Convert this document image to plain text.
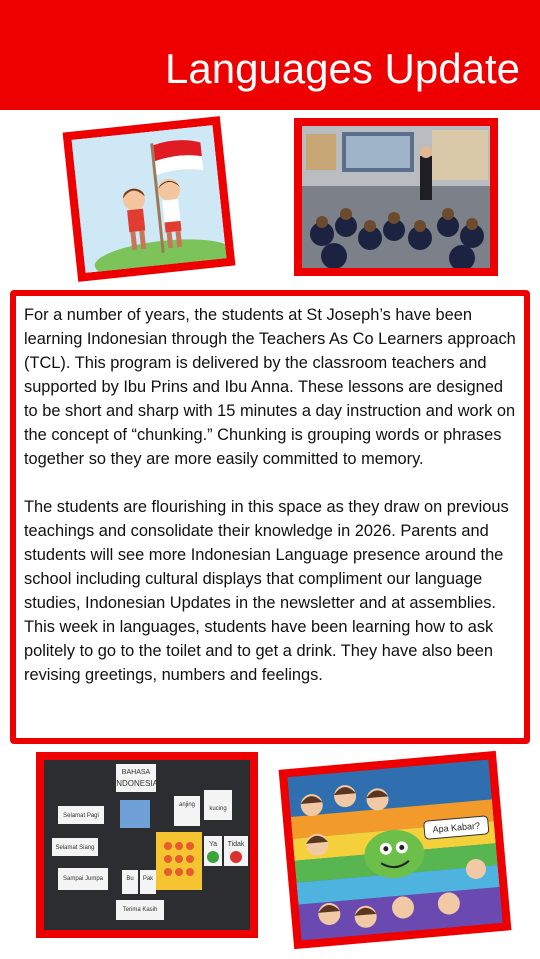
Languages Update

For a number of years, the students at St Joseph’s have been learning Indonesian through the Teachers As Co Learners approach (TCL). This program is delivered by the classroom teachers and supported by Ibu Prins and Ibu Anna. These lessons are designed to be short and sharp with 15 minutes a day instruction and work on the concept of “chunking.” Chunking is grouping words or phrases together so they are more easily committed to memory.

The students are flourishing in this space as they draw on previous teachings and consolidate their knowledge in 2026. Parents and students will see more Indonesian Language presence around the school including cultural displays that compliment our language studies, Indonesian Updates in the newsletter and at assemblies. This week in languages, students have been learning how to ask politely to go to the toilet and to get a drink. They have also been revising greetings, numbers and feelings.

BAHASA
INDONESIA
Selamat Pagi
Selamat Siang
Sampai Jumpa	Bu Pak
Terima Kasih
anjing
kucing
Ya Tidak
Apa Kabar?
